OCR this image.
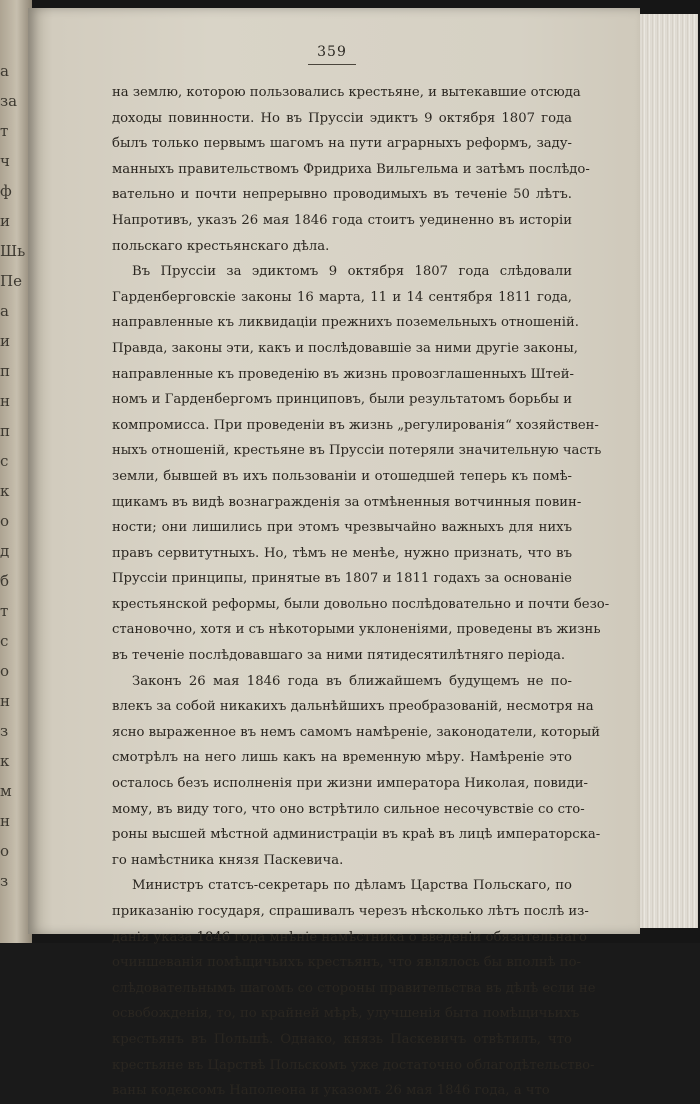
а
за
т
ч
ф
и
Шь
Пе
а
и
п
н
п
с
к
о
д
б
т
с
о
н
з
к
м
н
о
з
359
на землю, которою пользовались крестьяне, и вытекавшие отсюда
доходы повинности. Но въ Пруссіи эдиктъ 9 октября 1807 года
былъ только первымъ шагомъ на пути аграрныхъ реформъ, заду-
манныхъ правительствомъ Фридриха Вильгельма и затѣмъ послѣдо-
вательно и почти непрерывно проводимыхъ въ теченіе 50 лѣтъ.
Напротивъ, указъ 26 мая 1846 года стоитъ уединенно въ исторіи
польскаго крестьянскаго дѣла.
Въ Пруссіи за эдиктомъ 9 октября 1807 года слѣдовали
Гарденберговскіе законы 16 марта, 11 и 14 сентября 1811 года,
направленные къ ликвидаціи прежнихъ поземельныхъ отношеній.
Правда, законы эти, какъ и послѣдовавшіе за ними другіе законы,
направленные къ проведенію въ жизнь провозглашенныхъ Штей-
номъ и Гарденбергомъ принциповъ, были результатомъ борьбы и
компромисса. При проведеніи въ жизнь „регулированія“ хозяйствен-
ныхъ отношеній, крестьяне въ Пруссіи потеряли значительную часть
земли, бывшей въ ихъ пользованіи и отошедшей теперь къ помѣ-
щикамъ въ видѣ вознагражденія за отмѣненныя вотчинныя повин-
ности; они лишились при этомъ чрезвычайно важныхъ для нихъ
правъ сервитутныхъ. Но, тѣмъ не менѣе, нужно признать, что въ
Пруссіи принципы, принятые въ 1807 и 1811 годахъ за основаніе
крестьянской реформы, были довольно послѣдовательно и почти безо-
становочно, хотя и съ нѣкоторыми уклоненіями, проведены въ жизнь
въ теченіе послѣдовавшаго за ними пятидесятилѣтняго періода.
Законъ 26 мая 1846 года въ ближайшемъ будущемъ не по-
влекъ за собой никакихъ дальнѣйшихъ преобразованій, несмотря на
ясно выраженное въ немъ самомъ намѣреніе, законодатели, который
смотрѣлъ на него лишь какъ на временную мѣру. Намѣреніе это
осталось безъ исполненія при жизни императора Николая, повиди-
мому, въ виду того, что оно встрѣтило сильное несочувствіе со сто-
роны высшей мѣстной администраціи въ краѣ въ лицѣ императорска-
го намѣстника князя Паскевича.
Министръ статсъ-секретарь по дѣламъ Царства Польскаго, по
приказанію государя, спрашивалъ черезъ нѣсколько лѣтъ послѣ из-
данія указа 1846 года мнѣніе намѣстника о введеніи обязательнаго
очиншеванія помѣщичьихъ крестьянъ, что являлось бы вполнѣ по-
слѣдовательнымъ шагомъ со стороны правительства въ дѣлѣ если не
освобожденія, то, по крайней мѣрѣ, улучшенія быта помѣщичьихъ
крестьянъ въ Польшѣ. Однако, князь Паскевичъ отвѣтилъ, что
крестьяне въ Царствѣ Польскомъ уже достаточно облагодѣтельство-
ваны кодексомъ Наполеона и указомъ 26 мая 1846 года, а что
